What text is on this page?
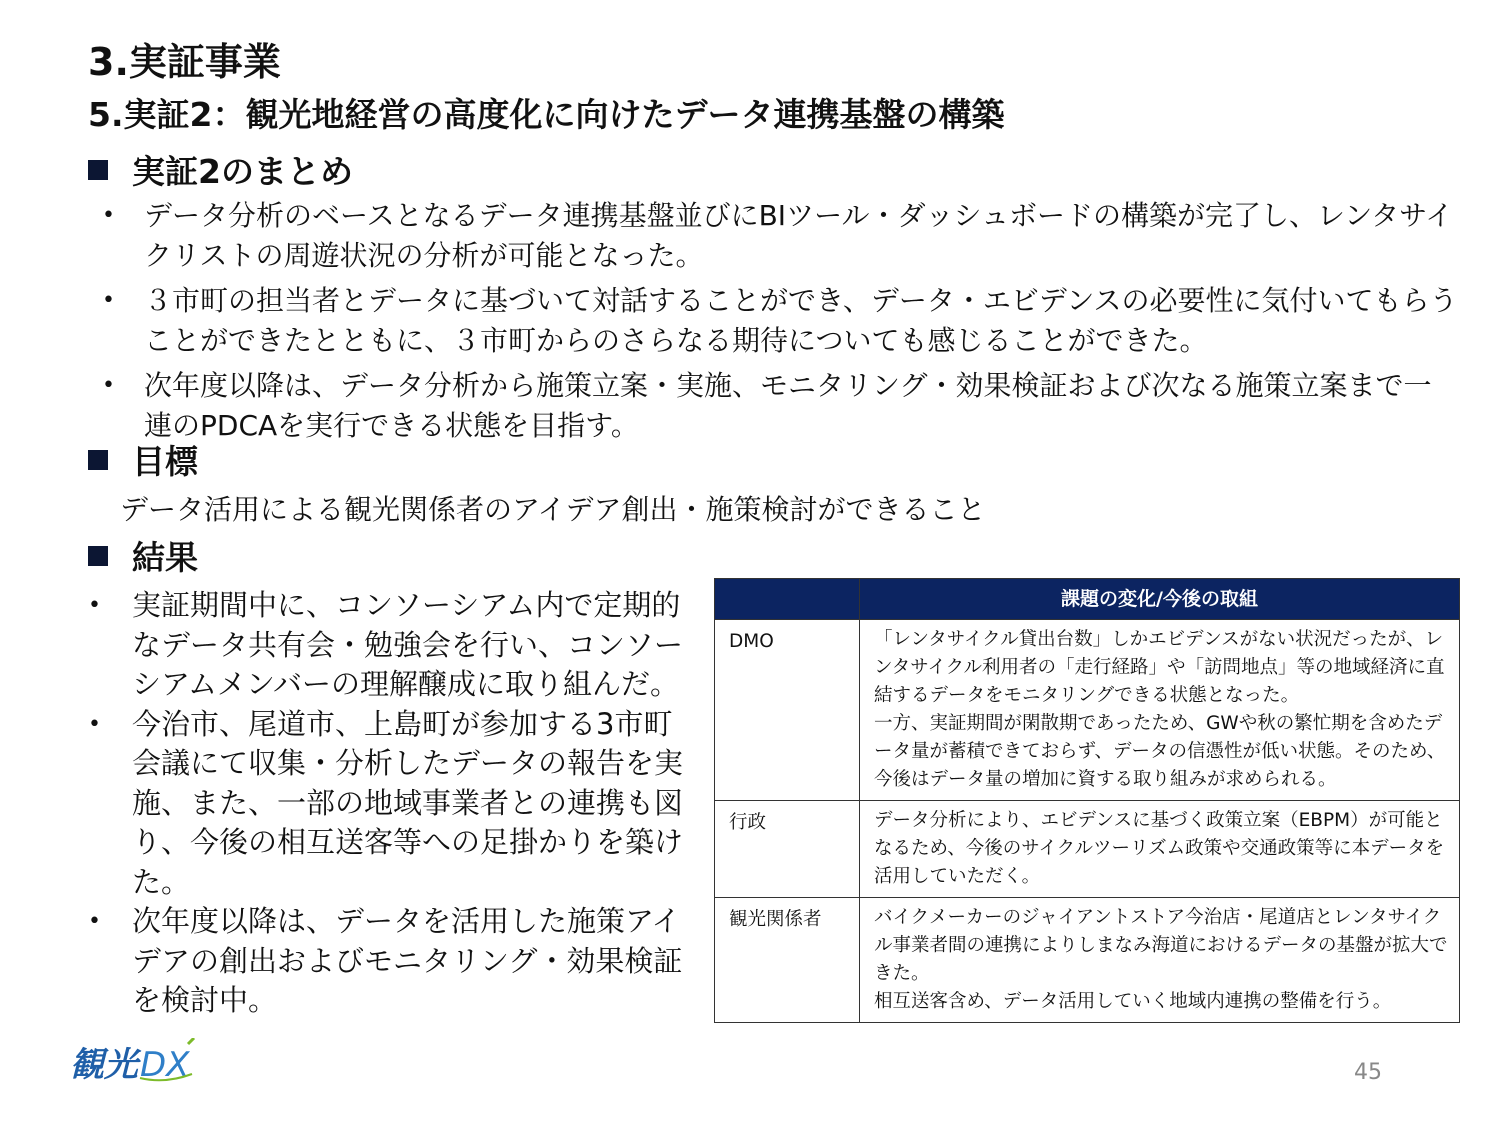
3.実証事業
5.実証2：観光地経営の高度化に向けたデータ連携基盤の構築
実証2のまとめ
• データ分析のベースとなるデータ連携基盤並びにBIツール・ダッシュボードの構築が完了し、レンタサイクリストの周遊状況の分析が可能となった。
• ３市町の担当者とデータに基づいて対話することができ、データ・エビデンスの必要性に気付いてもらうことができたとともに、３市町からのさらなる期待についても感じることができた。
• 次年度以降は、データ分析から施策立案・実施、モニタリング・効果検証および次なる施策立案まで一連のPDCAを実行できる状態を目指す。
目標
データ活用による観光関係者のアイデア創出・施策検討ができること
結果
• 実証期間中に、コンソーシアム内で定期的なデータ共有会・勉強会を行い、コンソーシアムメンバーの理解醸成に取り組んだ。
• 今治市、尾道市、上島町が参加する3市町会議にて収集・分析したデータの報告を実施、また、一部の地域事業者との連携も図り、今後の相互送客等への足掛かりを築けた。
• 次年度以降は、データを活用した施策アイデアの創出およびモニタリング・効果検証を検討中。
	課題の変化/今後の取組
DMO	「レンタサイクル貸出台数」しかエビデンスがない状況だったが、レンタサイクル利用者の「走行経路」や「訪問地点」等の地域経済に直結するデータをモニタリングできる状態となった。
一方、実証期間が閑散期であったため、GWや秋の繁忙期を含めたデータ量が蓄積できておらず、データの信憑性が低い状態。そのため、今後はデータ量の増加に資する取り組みが求められる。

行政	データ分析により、エビデンスに基づく政策立案（EBPM）が可能となるため、今後のサイクルツーリズム政策や交通政策等に本データを活用していただく。

観光関係者	バイクメーカーのジャイアントストア今治店・尾道店とレンタサイクル事業者間の連携によりしまなみ海道におけるデータの基盤が拡大できた。
相互送客含め、データ活用していく地域内連携の整備を行う。
観光 DX	45
